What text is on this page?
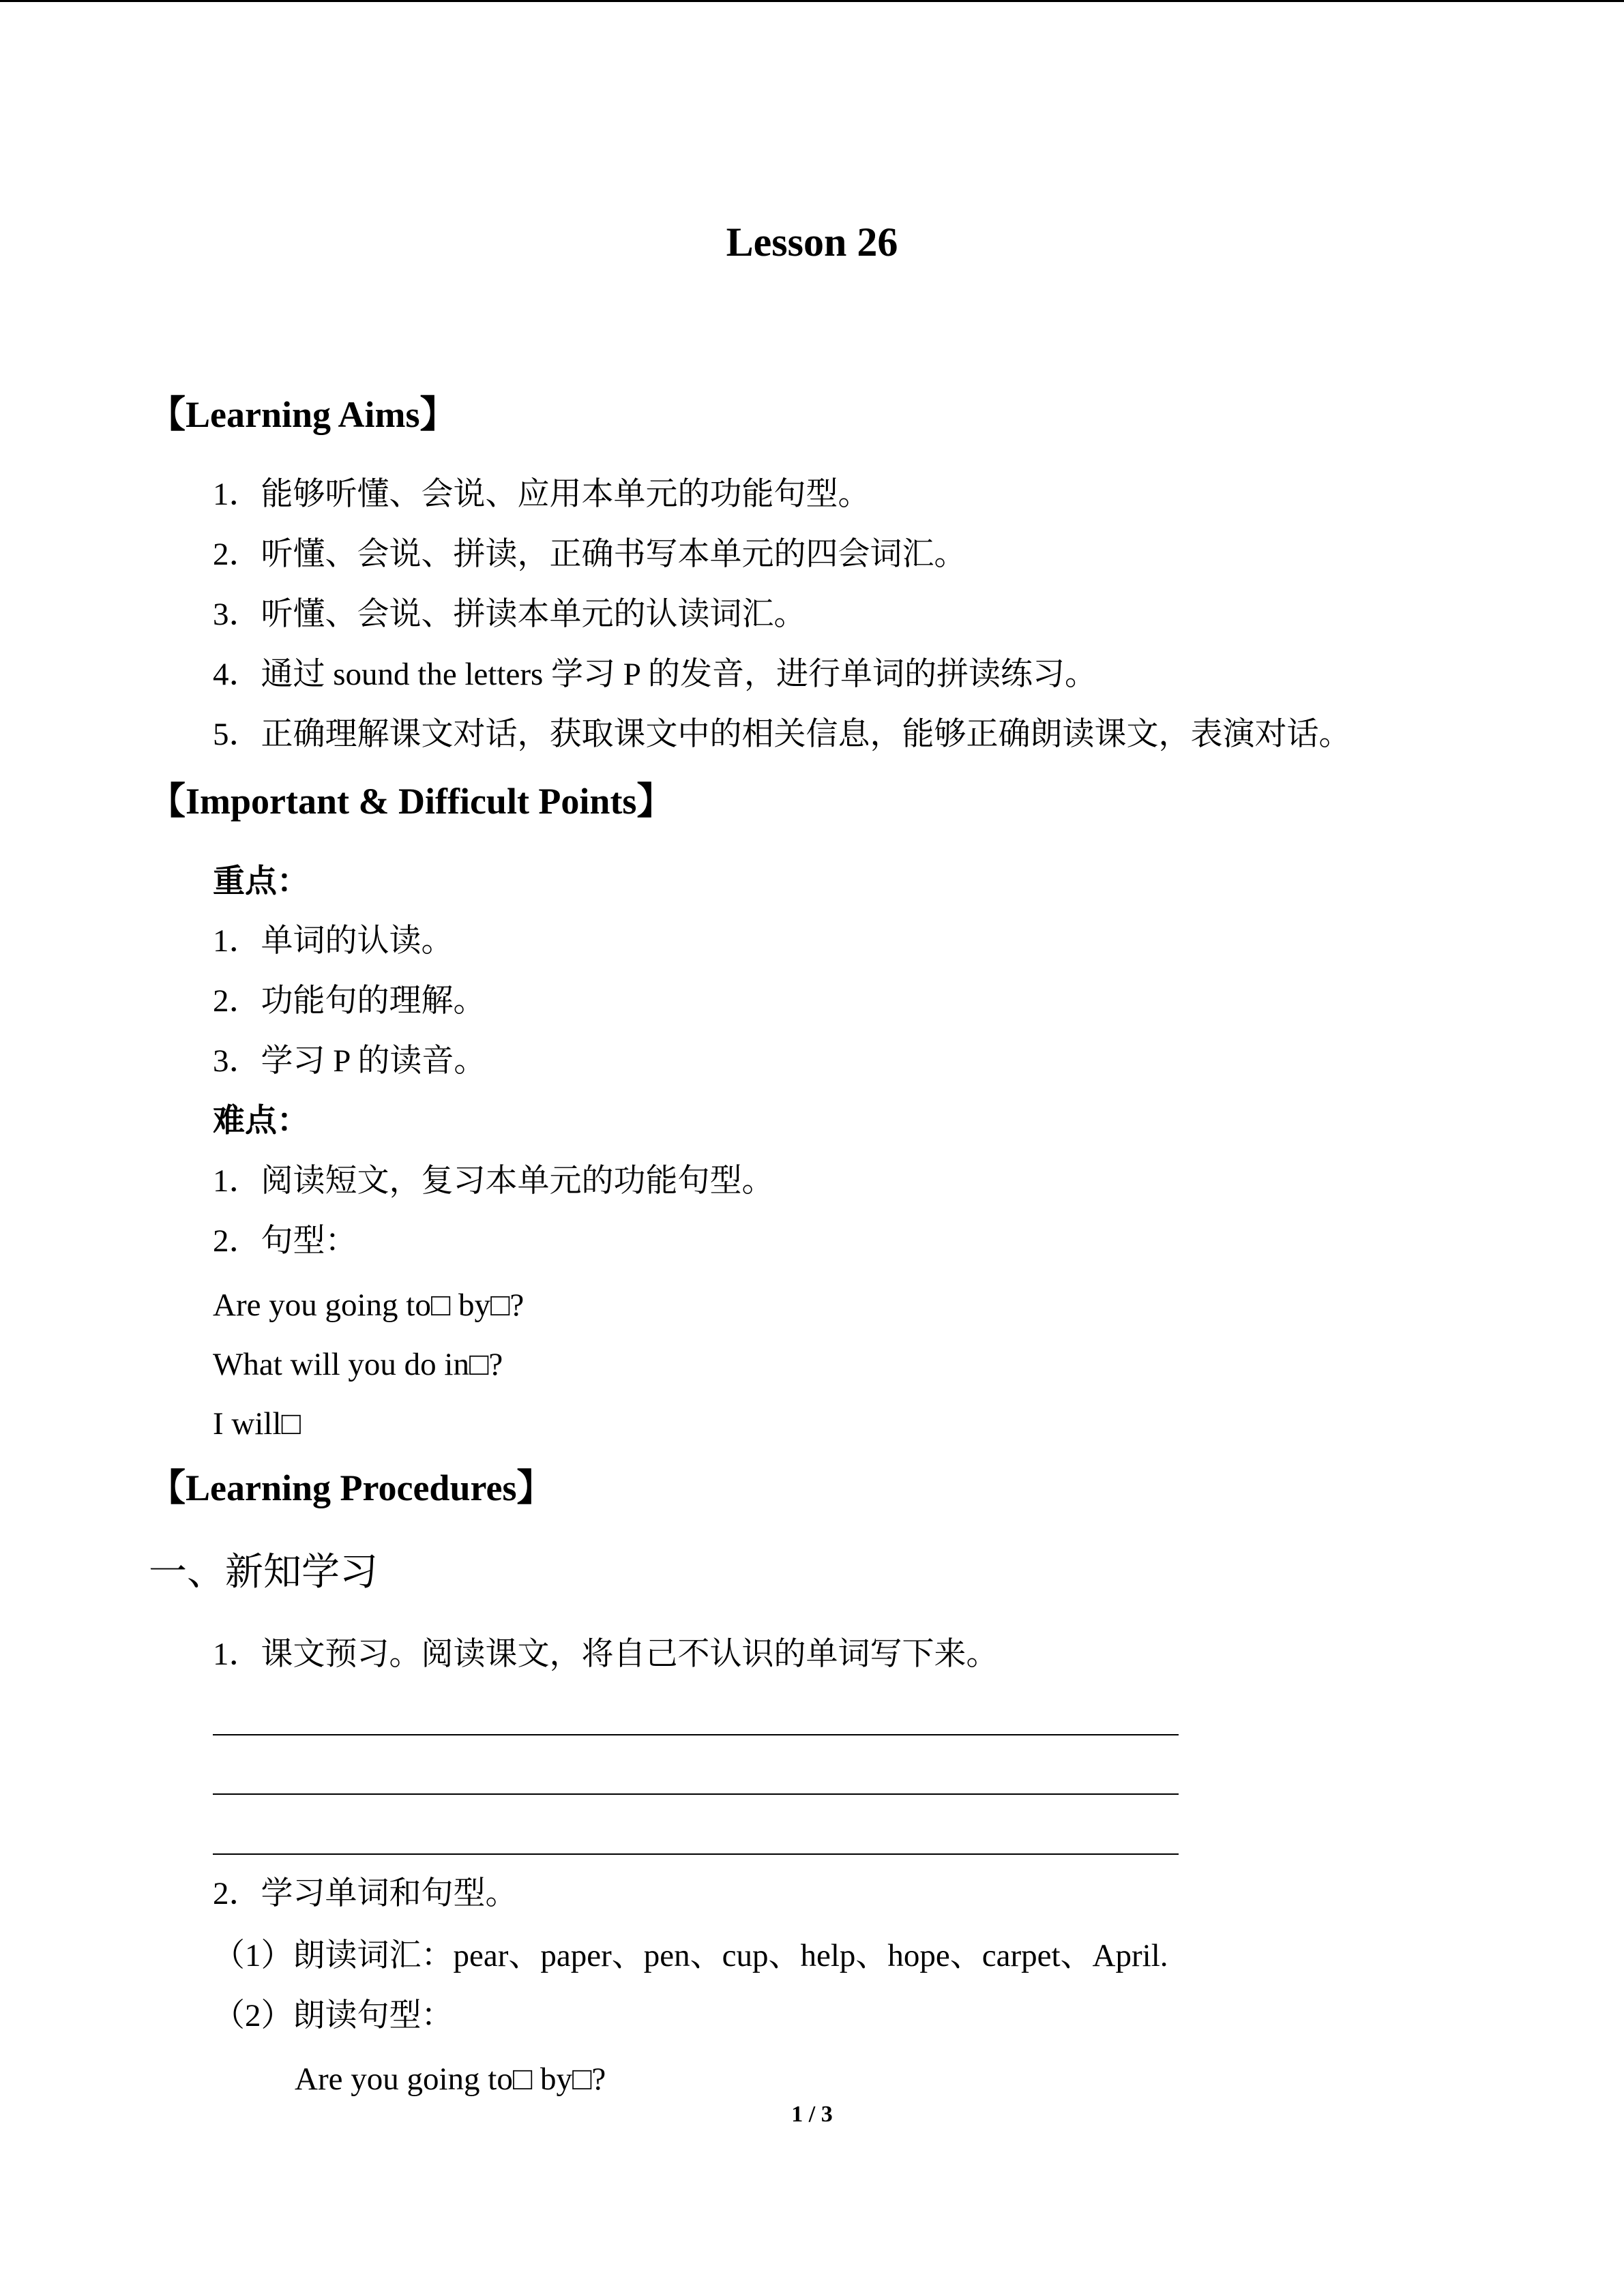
Lesson 26
【Learning Aims】
1．能够听懂、会说、应用本单元的功能句型。
2．听懂、会说、拼读，正确书写本单元的四会词汇。
3．听懂、会说、拼读本单元的认读词汇。
4．通过 sound the letters 学习 P 的发音，进行单词的拼读练习。
5．正确理解课文对话，获取课文中的相关信息，能够正确朗读课文，表演对话。
【Important & Difficult Points】
重点：
1．单词的认读。
2．功能句的理解。
3．学习 P 的读音。
难点：
1．阅读短文，复习本单元的功能句型。
2．句型：
Are you going to□ by□?
What will you do in□?
I will□
【Learning Procedures】
一、新知学习
1．课文预习。阅读课文，将自己不认识的单词写下来。
2．学习单词和句型。
（1）朗读词汇：pear、paper、pen、cup、help、hope、carpet、April.
（2）朗读句型：
Are you going to□ by□?
1 / 3
